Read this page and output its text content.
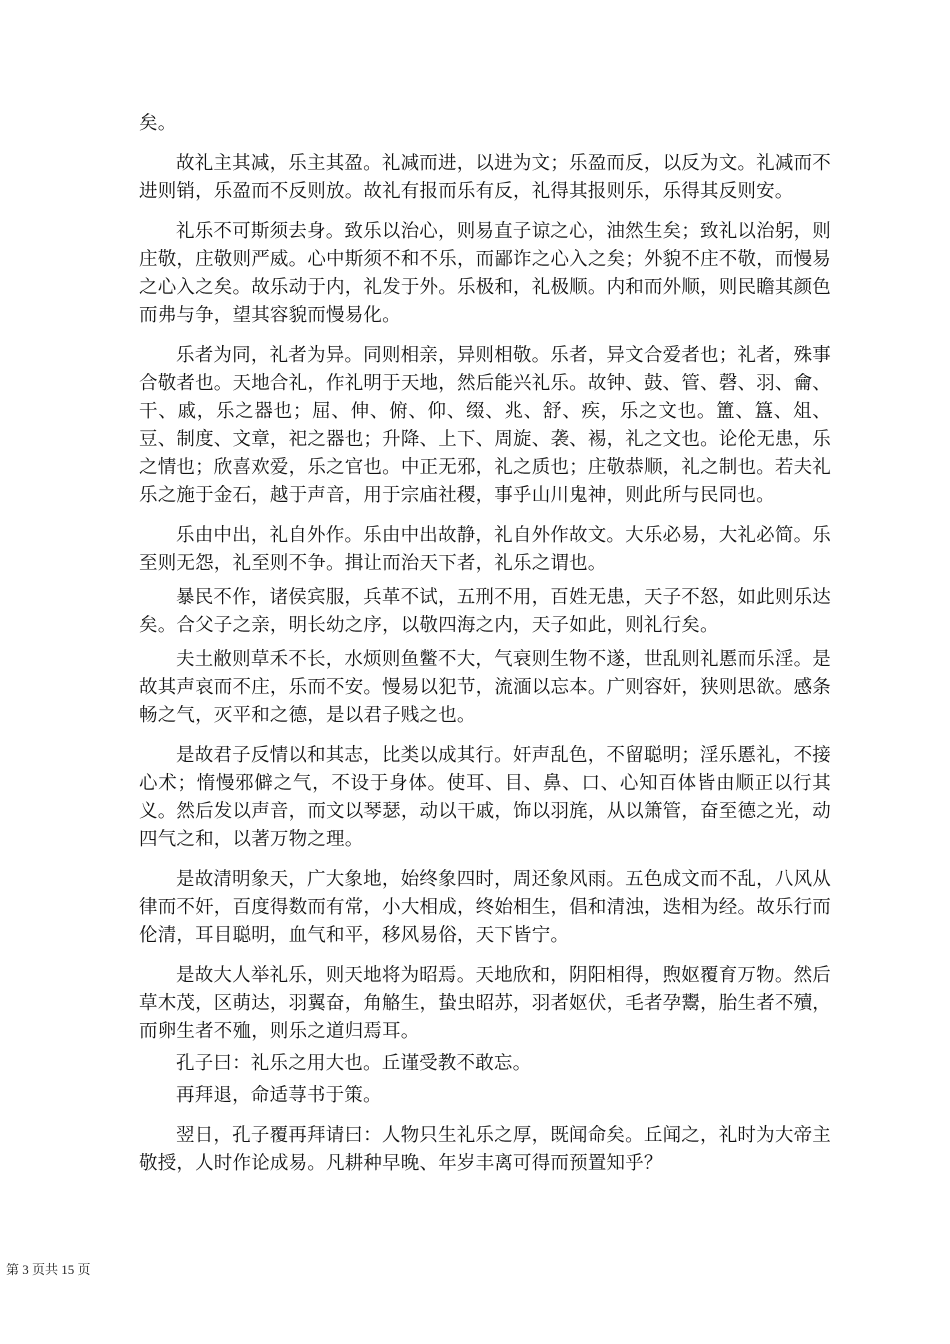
矣。

故礼主其减，乐主其盈。礼减而进，以进为文；乐盈而反，以反为文。礼减而不进则销，乐盈而不反则放。故礼有报而乐有反，礼得其报则乐，乐得其反则安。

礼乐不可斯须去身。致乐以治心，则易直子谅之心，油然生矣；致礼以治躬，则庄敬，庄敬则严威。心中斯须不和不乐，而鄙诈之心入之矣；外貌不庄不敬，而慢易之心入之矣。故乐动于内，礼发于外。乐极和，礼极顺。内和而外顺，则民瞻其颜色而弗与争，望其容貌而慢易化。

乐者为同，礼者为异。同则相亲，异则相敬。乐者，异文合爱者也；礼者，殊事合敬者也。天地合礼，作礼明于天地，然后能兴礼乐。故钟、鼓、管、磬、羽、龠、干、戚，乐之器也；屈、伸、俯、仰、缀、兆、舒、疾，乐之文也。簠、簋、俎、豆、制度、文章，祀之器也；升降、上下、周旋、袭、裼，礼之文也。论伦无患，乐之情也；欣喜欢爱，乐之官也。中正无邪，礼之质也；庄敬恭顺，礼之制也。若夫礼乐之施于金石，越于声音，用于宗庙社稷，事乎山川鬼神，则此所与民同也。

乐由中出，礼自外作。乐由中出故静，礼自外作故文。大乐必易，大礼必简。乐至则无怨，礼至则不争。揖让而治天下者，礼乐之谓也。

暴民不作，诸侯宾服，兵革不试，五刑不用，百姓无患，天子不怒，如此则乐达矣。合父子之亲，明长幼之序，以敬四海之内，天子如此，则礼行矣。

夫土敝则草禾不长，水烦则鱼鳖不大，气衰则生物不遂，世乱则礼慝而乐淫。是故其声哀而不庄，乐而不安。慢易以犯节，流湎以忘本。广则容奸，狭则思欲。感条畅之气，灭平和之德，是以君子贱之也。

是故君子反情以和其志，比类以成其行。奸声乱色，不留聪明；淫乐慝礼，不接心术；惰慢邪僻之气，不设于身体。使耳、目、鼻、口、心知百体皆由顺正以行其义。然后发以声音，而文以琴瑟，动以干戚，饰以羽旄，从以箫管，奋至德之光，动四气之和，以著万物之理。

是故清明象天，广大象地，始终象四时，周还象风雨。五色成文而不乱，八风从律而不奸，百度得数而有常，小大相成，终始相生，倡和清浊，迭相为经。故乐行而伦清，耳目聪明，血气和平，移风易俗，天下皆宁。

是故大人举礼乐，则天地将为昭焉。天地欣和，阴阳相得，煦妪覆育万物。然后草木茂，区萌达，羽翼奋，角觡生，蛰虫昭苏，羽者妪伏，毛者孕鬻，胎生者不殰，而卵生者不殈，则乐之道归焉耳。

孔子曰：礼乐之用大也。丘谨受教不敢忘。

再拜退，命适荨书于策。

翌日，孔子覆再拜请曰：人物只生礼乐之厚，既闻命矣。丘闻之，礼时为大帝主敬授，人时作论成易。凡耕种早晚、年岁丰离可得而预置知乎？

第 3 页共 15 页
